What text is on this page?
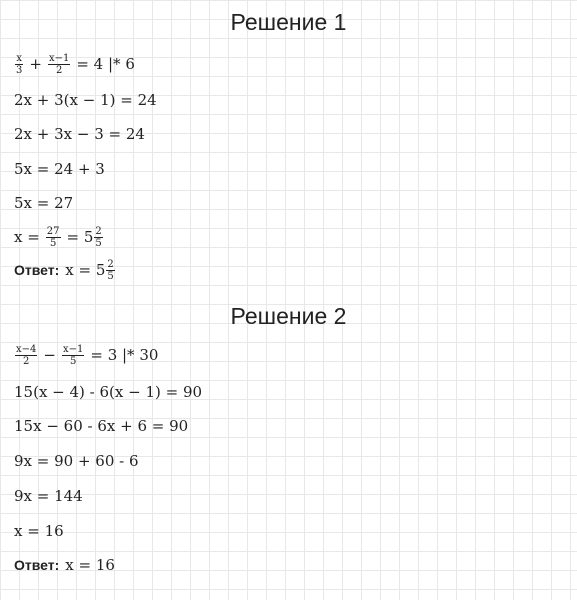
Решение 1
$\frac{x}{3} + \frac{x-1}{2} = 4$ |* 6
2x + 3(x − 1) = 24
2x + 3x − 3 = 24
5x = 24 + 3
5x = 27
$x = \frac{27}{5} = 5 \frac{2}{5}$
Ответ: $x = 5 \frac{2}{5}$
Решение 2
$\frac{x-4}{2} - \frac{x-1}{5} = 3$ |* 30
15(x − 4) - 6(x − 1) = 90
15x − 60 - 6x + 6 = 90
9x = 90 + 60 - 6
9x = 144
x = 16
Ответ: x = 16
